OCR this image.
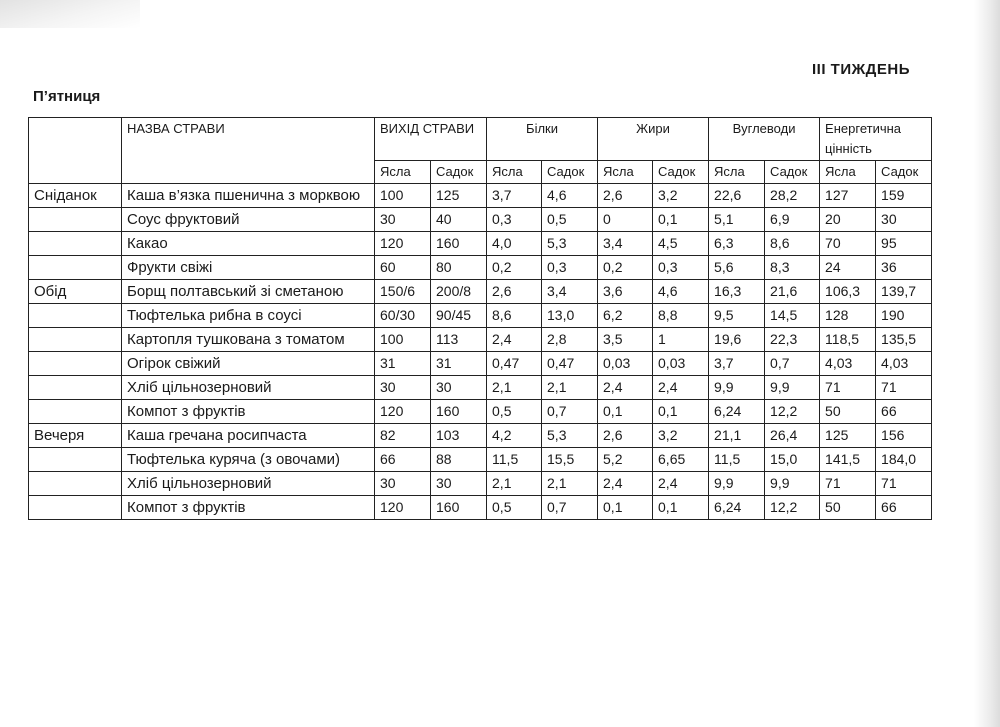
III ТИЖДЕНЬ
П’ятниця
	НАЗВА СТРАВИ	ВИХІД СТРАВИ		Білки		Жири		Вуглеводи		Енергетична цінність	
		Ясла	Садок	Ясла	Садок	Ясла	Садок	Ясла	Садок	Ясла	Садок
Сніданок	Каша в’язка пшенична з морквою	100	125	3,7	4,6	2,6	3,2	22,6	28,2	127	159
	Соус фруктовий	30	40	0,3	0,5	0	0,1	5,1	6,9	20	30
	Какао	120	160	4,0	5,3	3,4	4,5	6,3	8,6	70	95
	Фрукти свіжі	60	80	0,2	0,3	0,2	0,3	5,6	8,3	24	36
Обід	Борщ полтавський зі сметаною	150/6	200/8	2,6	3,4	3,6	4,6	16,3	21,6	106,3	139,7
	Тюфтелька рибна в соусі	60/30	90/45	8,6	13,0	6,2	8,8	9,5	14,5	128	190
	Картопля тушкована з томатом	100	113	2,4	2,8	3,5	1	19,6	22,3	118,5	135,5
	Огірок свіжий	31	31	0,47	0,47	0,03	0,03	3,7	0,7	4,03	4,03
	Хліб цільнозерновий	30	30	2,1	2,1	2,4	2,4	9,9	9,9	71	71
	Компот з фруктів	120	160	0,5	0,7	0,1	0,1	6,24	12,2	50	66
Вечеря	Каша гречана росипчаста	82	103	4,2	5,3	2,6	3,2	21,1	26,4	125	156
	Тюфтелька куряча (з овочами)	66	88	11,5	15,5	5,2	6,65	11,5	15,0	141,5	184,0
	Хліб цільнозерновий	30	30	2,1	2,1	2,4	2,4	9,9	9,9	71	71
	Компот з фруктів	120	160	0,5	0,7	0,1	0,1	6,24	12,2	50	66
